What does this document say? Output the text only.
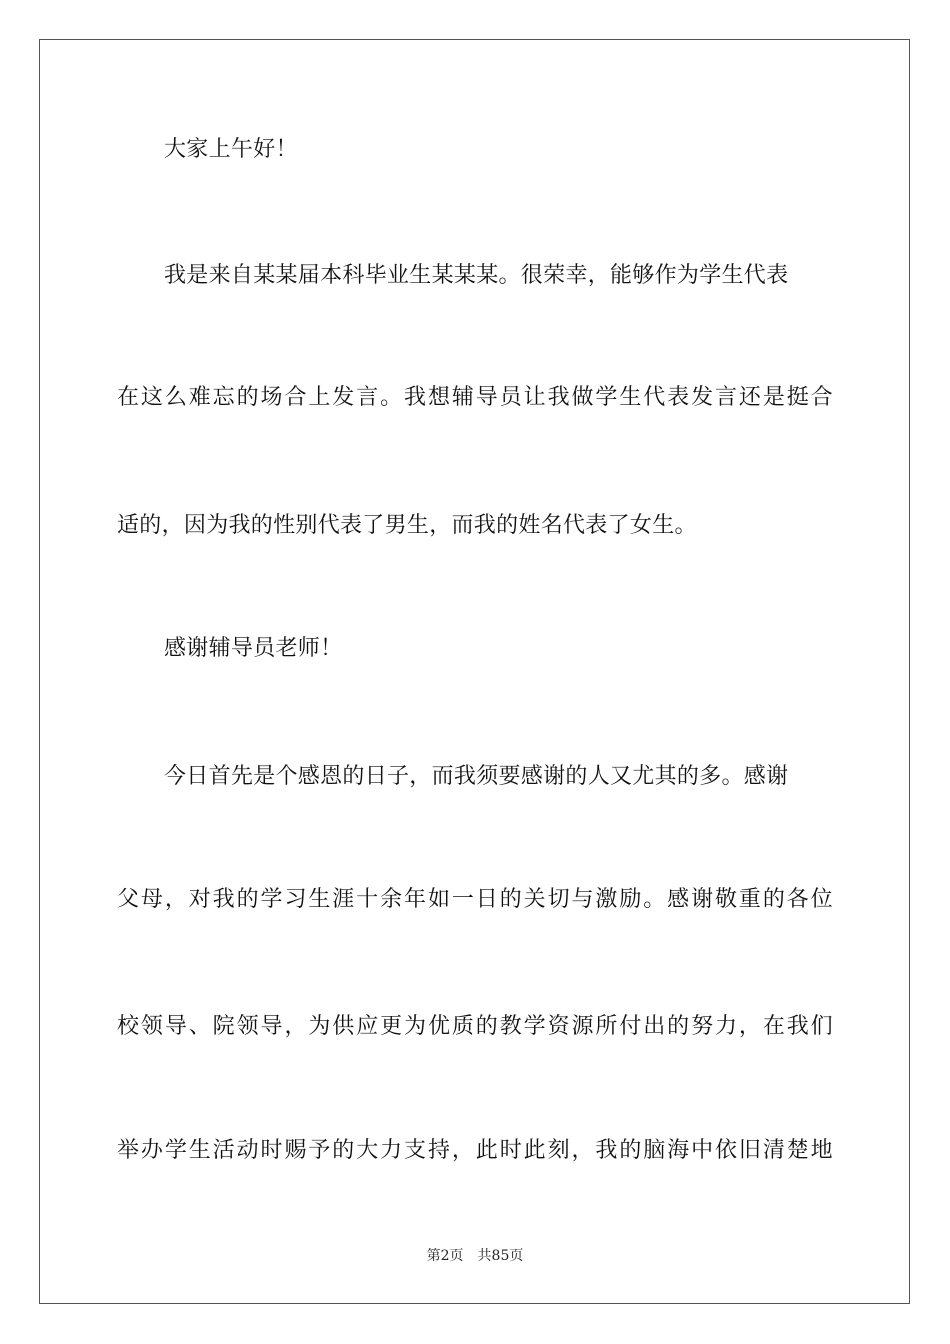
大家上午好！
我是来自某某届本科毕业生某某某。很荣幸，能够作为学生代表
在这么难忘的场合上发言。我想辅导员让我做学生代表发言还是挺合
适的，因为我的性别代表了男生，而我的姓名代表了女生。
感谢辅导员老师！
今日首先是个感恩的日子，而我须要感谢的人又尤其的多。感谢
父母，对我的学习生涯十余年如一日的关切与激励。感谢敬重的各位
校领导、院领导，为供应更为优质的教学资源所付出的努力，在我们
举办学生活动时赐予的大力支持，此时此刻，我的脑海中依旧清楚地
第2页 共85页
